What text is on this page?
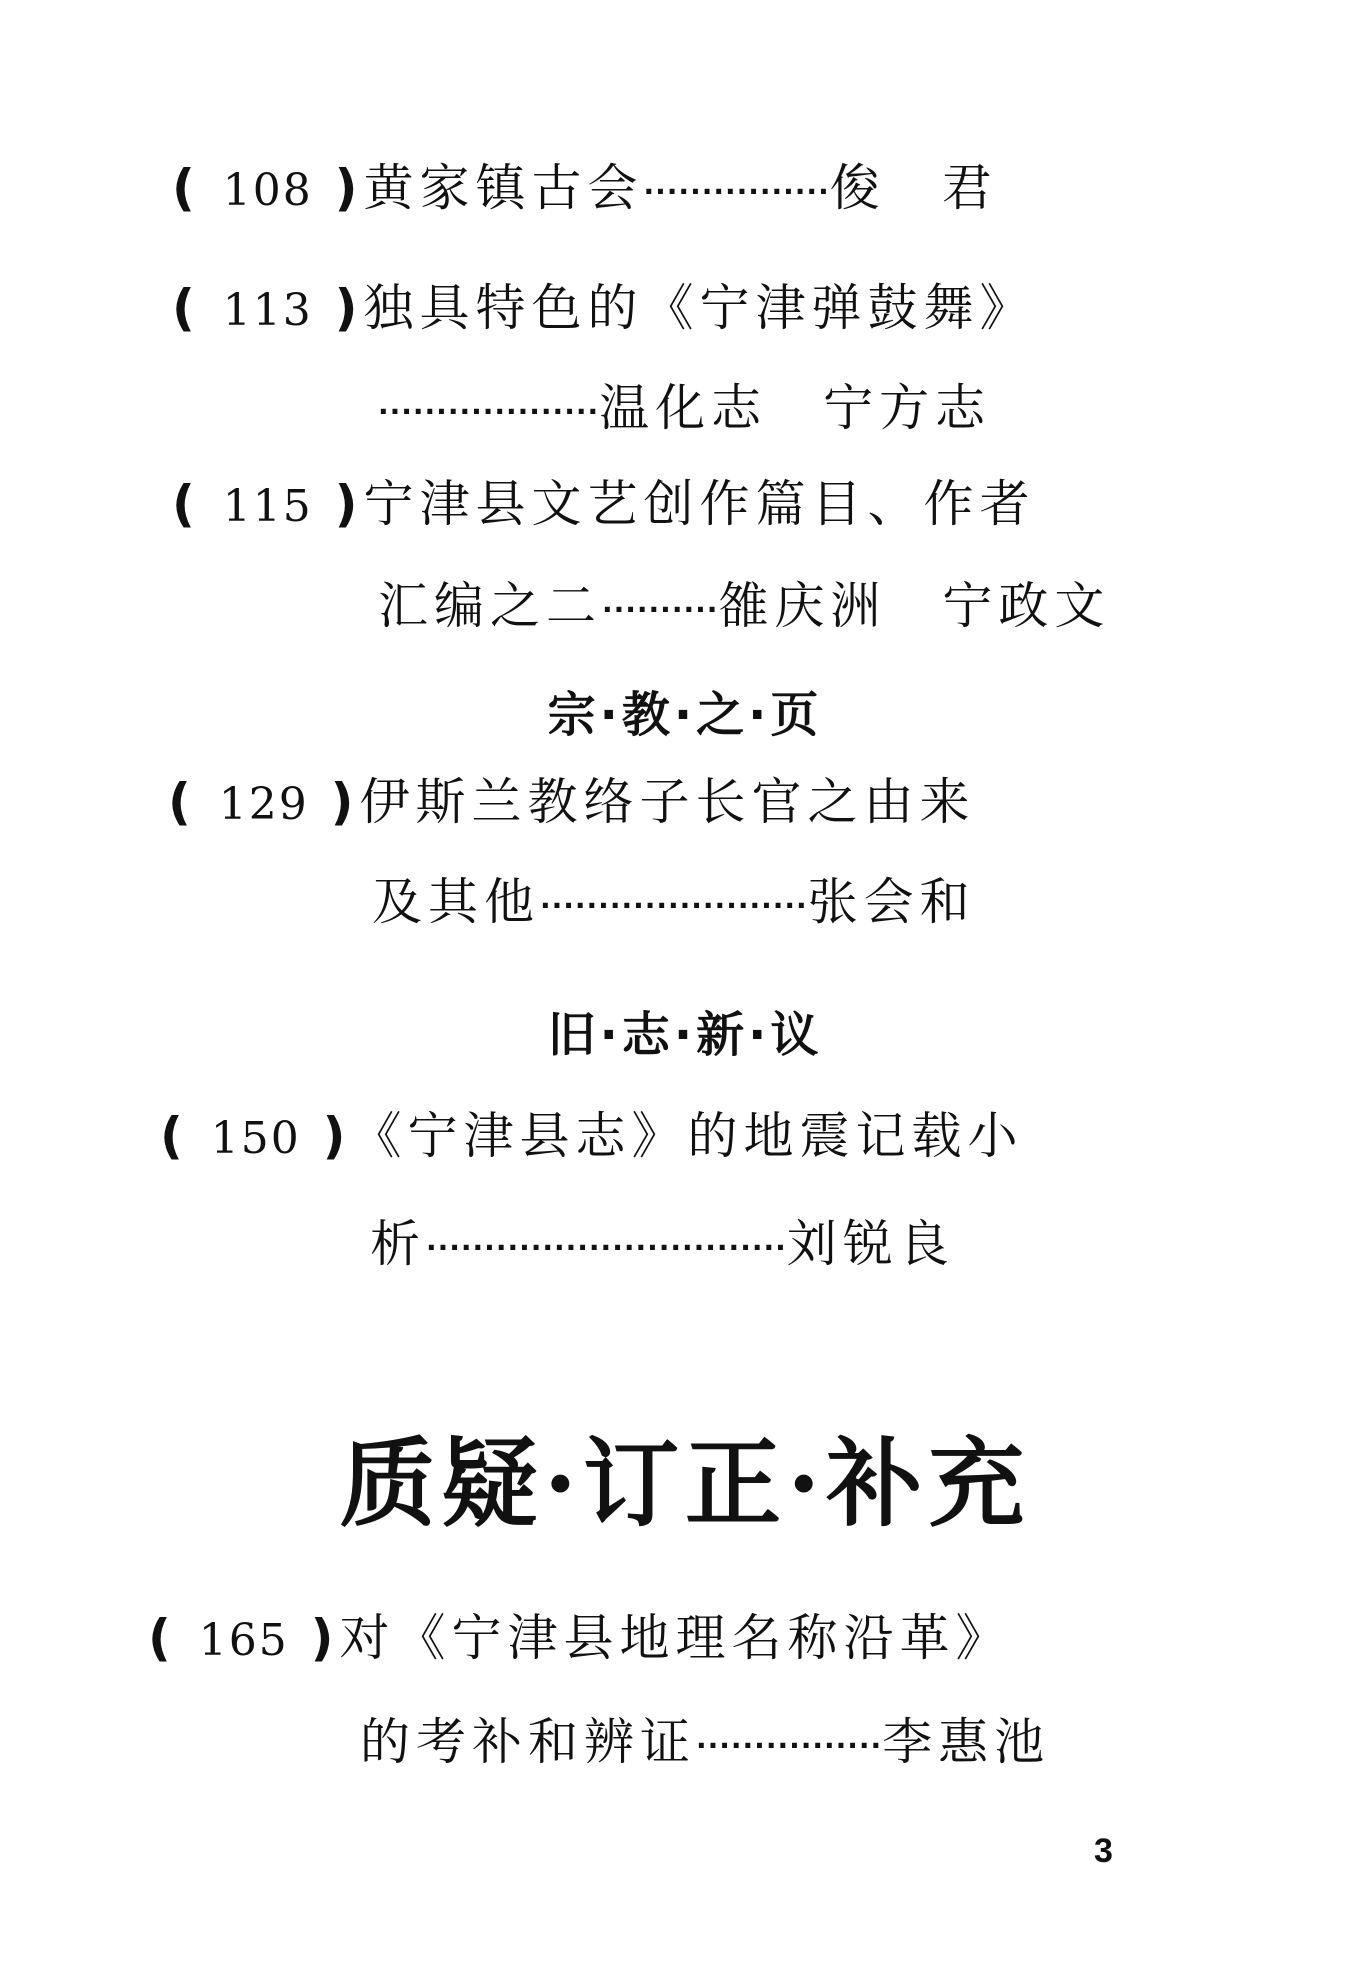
( 108 )黄家镇古会················俊　君
( 113 )独具特色的《宁津弹鼓舞》
···················温化志　宁方志
( 115 )宁津县文艺创作篇目、作者
汇编之二··········雒庆洲　宁政文
宗·教·之·页
( 129 )伊斯兰教络子长官之由来
及其他·······················张会和
旧·志·新·议
( 150 )《宁津县志》的地震记载小
析·······························刘锐良
质疑·订正·补充
( 165 )对《宁津县地理名称沿革》
的考补和辨证················李惠池
3
